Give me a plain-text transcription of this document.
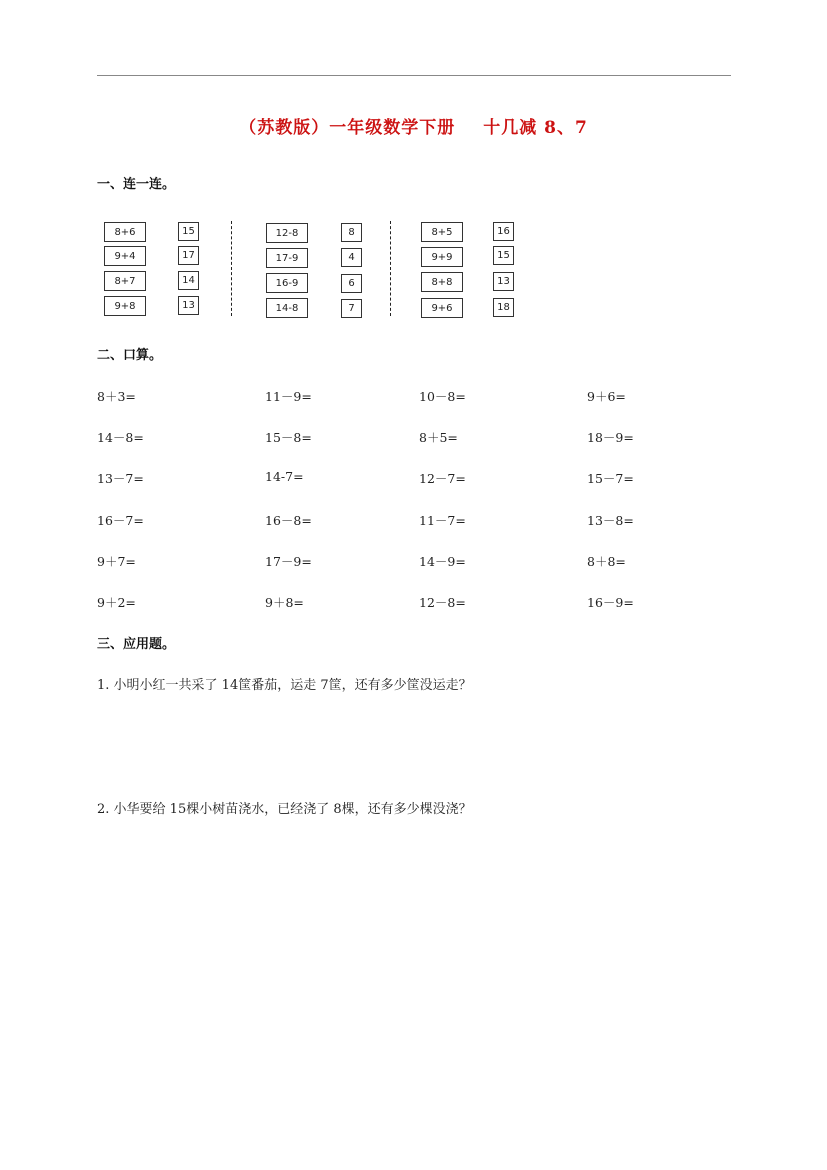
（苏教版）一年级数学下册 十几减 8、7
一、连一连。
8+6
9+4
8+7
9+8
15
17
14
13
12-8
17-9
16-9
14-8
8
4
6
7
8+5
9+9
8+8
9+6
16
15
13
18
二、口算。
8＋3=	11－9=	10－8=	9＋6=
14－8=	15－8=	8＋5=	18－9=
13－7=	14-7=	12－7=	15－7=
16－7=	16－8=	11－7=	13－8=
9＋7=	17－9=	14－9=	8＋8=
9＋2=	9＋8=	12－8=	16－9=
三、应用题。
1. 小明小红一共采了 14筐番茄，运走 7筐，还有多少筐没运走？
2. 小华要给 15棵小树苗浇水，已经浇了 8棵，还有多少棵没浇？
